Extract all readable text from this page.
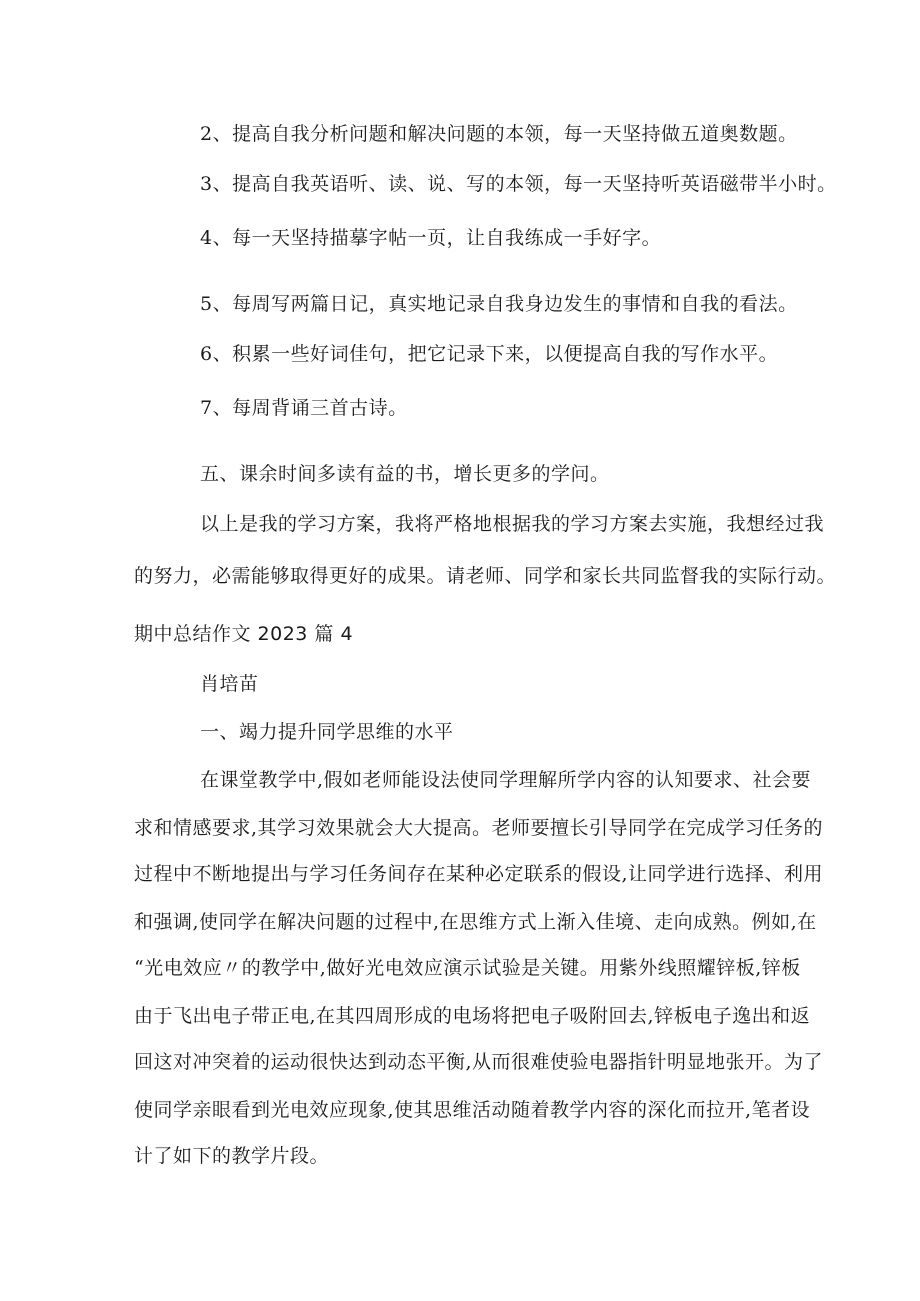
2、提高自我分析问题和解决问题的本领，每一天坚持做五道奥数题。
3、提高自我英语听、读、说、写的本领，每一天坚持听英语磁带半小时。
4、每一天坚持描摹字帖一页，让自我练成一手好字。
5、每周写两篇日记，真实地记录自我身边发生的事情和自我的看法。
6、积累一些好词佳句，把它记录下来，以便提高自我的写作水平。
7、每周背诵三首古诗。
五、课余时间多读有益的书，增长更多的学问。
以上是我的学习方案，我将严格地根据我的学习方案去实施，我想经过我
的努力，必需能够取得更好的成果。请老师、同学和家长共同监督我的实际行动。
期中总结作文 2023 篇 4
肖培苗
一、竭力提升同学思维的水平
在课堂教学中,假如老师能设法使同学理解所学内容的认知要求、社会要
求和情感要求,其学习效果就会大大提高。老师要擅长引导同学在完成学习任务的
过程中不断地提出与学习任务间存在某种必定联系的假设,让同学进行选择、利用
和强调,使同学在解决问题的过程中,在思维方式上渐入佳境、走向成熟。例如,在
“光电效应〃的教学中,做好光电效应演示试验是关键。用紫外线照耀锌板,锌板
由于飞出电子带正电,在其四周形成的电场将把电子吸附回去,锌板电子逸出和返
回这对冲突着的运动很快达到动态平衡,从而很难使验电器指针明显地张开。为了
使同学亲眼看到光电效应现象,使其思维活动随着教学内容的深化而拉开,笔者设
计了如下的教学片段。
